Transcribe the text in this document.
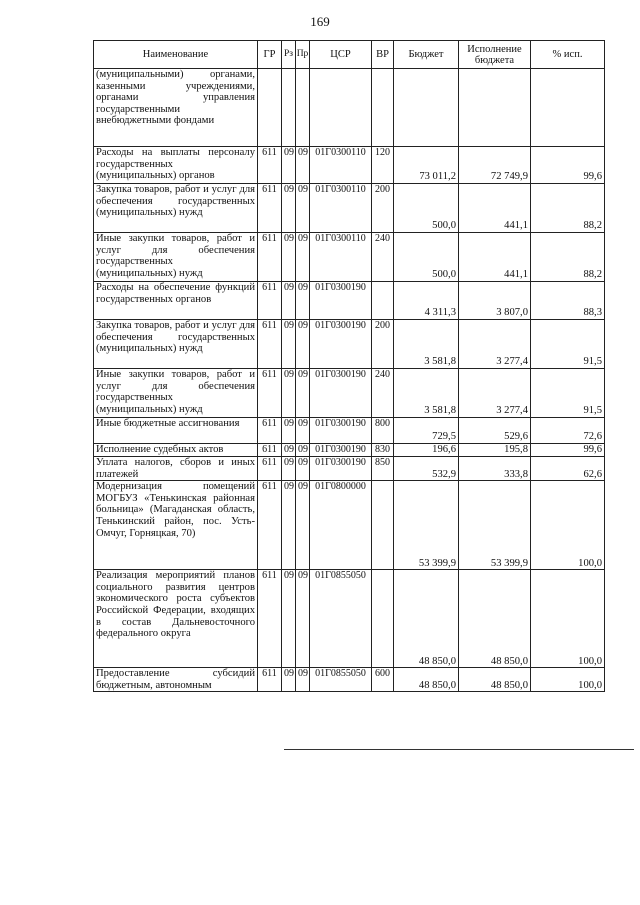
169
Наименование	ГР	Рз	Пр	ЦСР	ВР	Бюджет	Исполнение бюджета	% исп.
(муниципальными) органами, казенными учреждениями, органами управления государственными внебюджетными фондами								
Расходы на выплаты персоналу государственных (муниципальных) органов	611	09	09	01Г0300110	120	73 011,2	72 749,9	99,6
Закупка товаров, работ и услуг для обеспечения государственных (муниципальных) нужд	611	09	09	01Г0300110	200	500,0	441,1	88,2
Иные закупки товаров, работ и услуг для обеспечения государственных (муниципальных) нужд	611	09	09	01Г0300110	240	500,0	441,1	88,2
Расходы на обеспечение функций государственных органов	611	09	09	01Г0300190		4 311,3	3 807,0	88,3
Закупка товаров, работ и услуг для обеспечения государственных (муниципальных) нужд	611	09	09	01Г0300190	200	3 581,8	3 277,4	91,5
Иные закупки товаров, работ и услуг для обеспечения государственных (муниципальных) нужд	611	09	09	01Г0300190	240	3 581,8	3 277,4	91,5
Иные бюджетные ассигнования	611	09	09	01Г0300190	800	729,5	529,6	72,6
Исполнение судебных актов	611	09	09	01Г0300190	830	196,6	195,8	99,6
Уплата налогов, сборов и иных платежей	611	09	09	01Г0300190	850	532,9	333,8	62,6
Модернизация помещений МОГБУЗ «Тенькинская районная больница» (Магаданская область, Тенькинский район, пос. Усть-Омчуг, Горняцкая, 70)	611	09	09	01Г0800000		53 399,9	53 399,9	100,0
Реализация мероприятий планов социального развития центров экономического роста субъектов Российской Федерации, входящих в состав Дальневосточного федерального округа	611	09	09	01Г0855050		48 850,0	48 850,0	100,0
Предоставление субсидий бюджетным, автономным	611	09	09	01Г0855050	600	48 850,0	48 850,0	100,0
